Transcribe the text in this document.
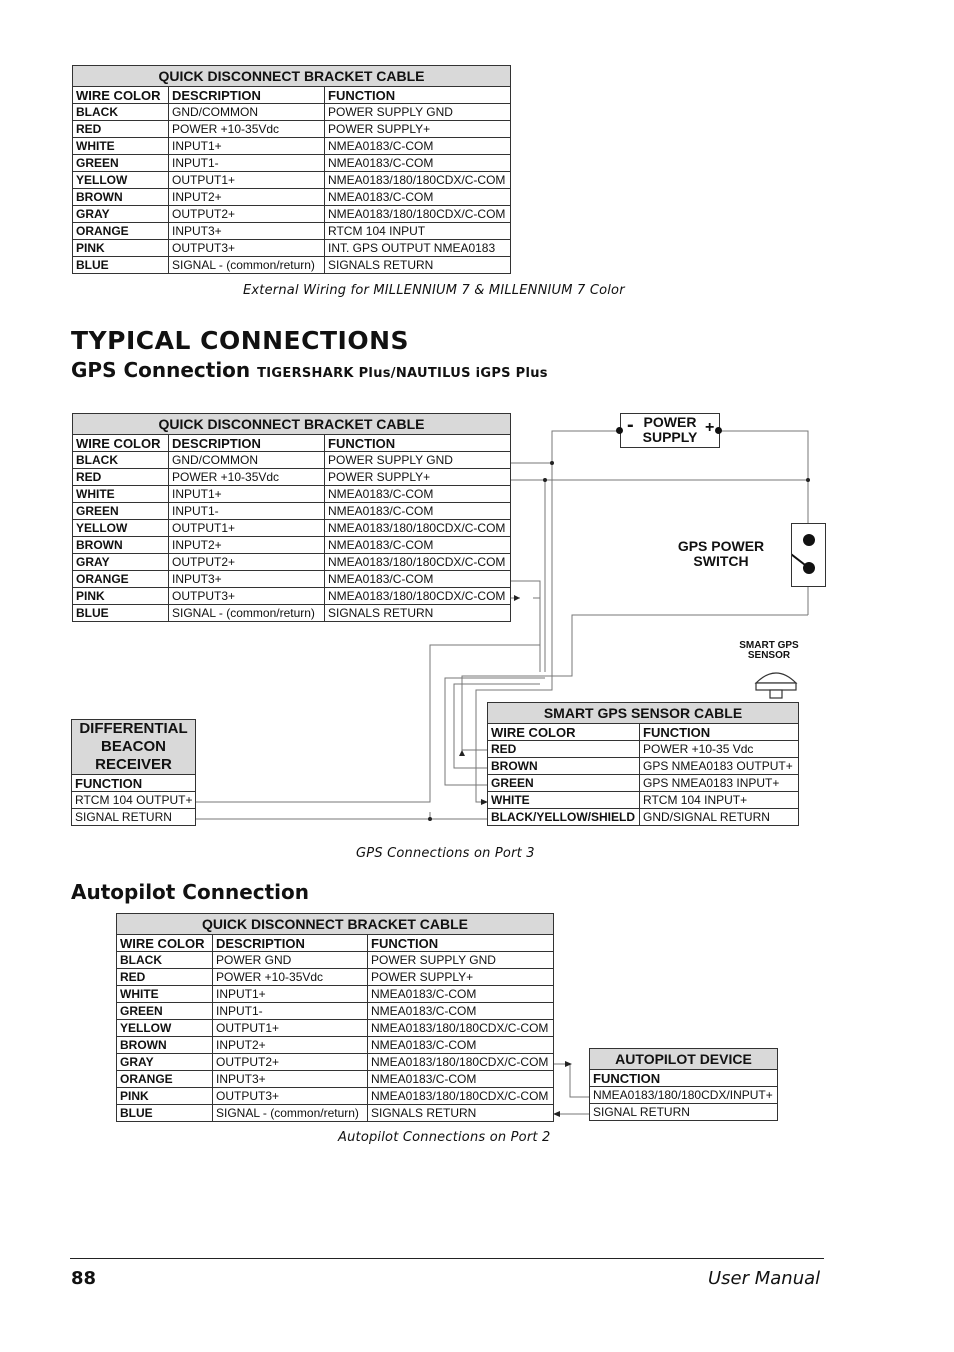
QUICK DISCONNECT BRACKET CABLE		
WIRE COLOR	DESCRIPTION	FUNCTION
BLACK	GND/COMMON	POWER SUPPLY GND
RED	POWER +10-35Vdc	POWER SUPPLY+
WHITE	INPUT1+	NMEA0183/C-COM
GREEN	INPUT1-	NMEA0183/C-COM
YELLOW	OUTPUT1+	NMEA0183/180/180CDX/C-COM
BROWN	INPUT2+	NMEA0183/C-COM
GRAY	OUTPUT2+	NMEA0183/180/180CDX/C-COM
ORANGE	INPUT3+	RTCM 104 INPUT
PINK	OUTPUT3+	INT. GPS OUTPUT NMEA0183
BLUE	SIGNAL - (common/return)	SIGNALS RETURN
External Wiring for MILLENNIUM 7 & MILLENNIUM 7 Color
TYPICAL CONNECTIONS
GPS Connection TIGERSHARK Plus/NAUTILUS iGPS Plus
QUICK DISCONNECT BRACKET CABLE		
WIRE COLOR	DESCRIPTION	FUNCTION
BLACK	GND/COMMON	POWER SUPPLY GND
RED	POWER +10-35Vdc	POWER SUPPLY+
WHITE	INPUT1+	NMEA0183/C-COM
GREEN	INPUT1-	NMEA0183/C-COM
YELLOW	OUTPUT1+	NMEA0183/180/180CDX/C-COM
BROWN	INPUT2+	NMEA0183/C-COM
GRAY	OUTPUT2+	NMEA0183/180/180CDX/C-COM
ORANGE	INPUT3+	NMEA0183/C-COM
PINK	OUTPUT3+	NMEA0183/180/180CDX/C-COM
BLUE	SIGNAL - (common/return)	SIGNALS RETURN
- POWER
SUPPLY
+
GPS POWER
SWITCH
SMART GPS
SENSOR
SMART GPS SENSOR CABLE	
WIRE COLOR	FUNCTION
RED	POWER +10-35 Vdc
BROWN	GPS NMEA0183 OUTPUT+
GREEN	GPS NMEA0183 INPUT+
WHITE	RTCM 104 INPUT+
BLACK/YELLOW/SHIELD	GND/SIGNAL RETURN
DIFFERENTIAL
BEACON
RECEIVER

FUNCTION
RTCM 104 OUTPUT+
SIGNAL RETURN
GPS Connections on Port 3
Autopilot Connection
QUICK DISCONNECT BRACKET CABLE		
WIRE COLOR	DESCRIPTION	FUNCTION
BLACK	POWER GND	POWER SUPPLY GND
RED	POWER +10-35Vdc	POWER SUPPLY+
WHITE	INPUT1+	NMEA0183/C-COM
GREEN	INPUT1-	NMEA0183/C-COM
YELLOW	OUTPUT1+	NMEA0183/180/180CDX/C-COM
BROWN	INPUT2+	NMEA0183/C-COM
GRAY	OUTPUT2+	NMEA0183/180/180CDX/C-COM
ORANGE	INPUT3+	NMEA0183/C-COM
PINK	OUTPUT3+	NMEA0183/180/180CDX/C-COM
BLUE	SIGNAL - (common/return)	SIGNALS RETURN
AUTOPILOT DEVICE
FUNCTION
NMEA0183/180/180CDX/INPUT+
SIGNAL RETURN
Autopilot Connections on Port 2
88	User Manual
